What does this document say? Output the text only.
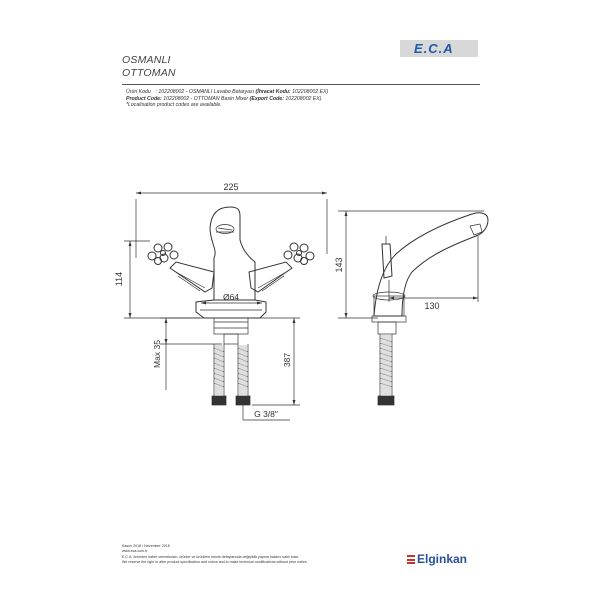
OSMANLI
OTTOMAN
E.C.A
Ürün Kodu : 102208002 - OSMANLI Lavabo Bataryası (İhracat Kodu: 102208002 EX)
Product Code: 102208002 - OTTOMAN Basin Mixer (Export Code: 102208002 EX)
*Localisation product codes are available.
225
114
Ø64
Max 35	387
G 3/8"
143
130
Kasım 2018 / November 2018
www.eca.com.tr
E.C.A. önceden haber vermeksizin, ürünler ve ürünlerin teknik detaylarında değişiklik yapma hakkını saklı tutar.
We reserve the right to alter product specification and colors and to make technical modifications without prior notice.	Elginkan
